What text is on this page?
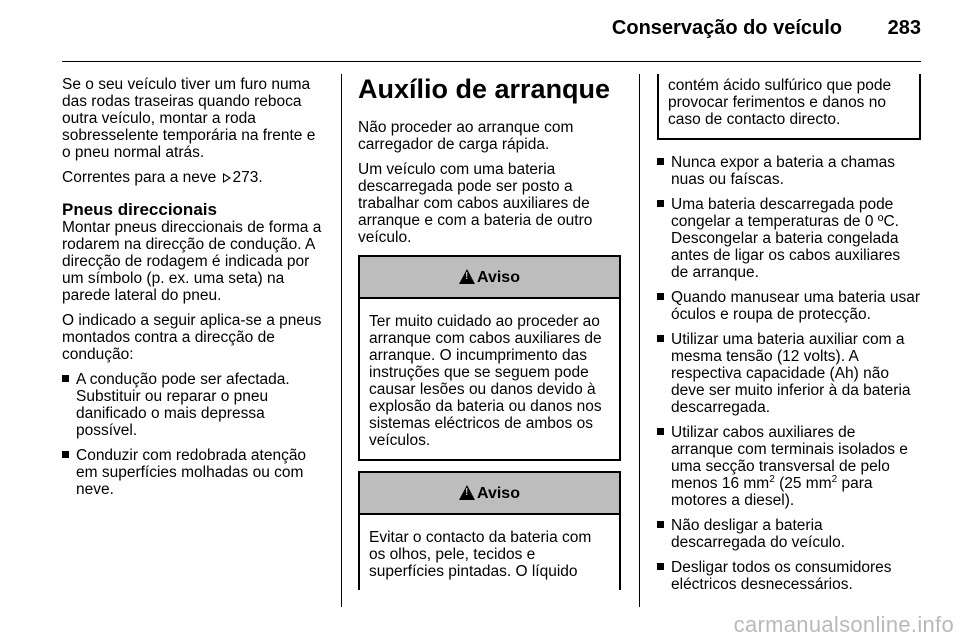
Conservação do veículo 283

Se o seu veículo tiver um furo numa das rodas traseiras quando reboca outra veículo, montar a roda sobresselente temporária na frente e o pneu normal atrás.

Correntes para a neve 273.

Pneus direccionais

Montar pneus direccionais de forma a rodarem na direcção de condução. A direcção de rodagem é indicada por um símbolo (p. ex. uma seta) na parede lateral do pneu.

O indicado a seguir aplica-se a pneus montados contra a direcção de condução:

A condução pode ser afectada. Substituir ou reparar o pneu danificado o mais depressa possível.
Conduzir com redobrada atenção em superfícies molhadas ou com neve.
Auxílio de arranque

Não proceder ao arranque com carregador de carga rápida.

Um veículo com uma bateria descarregada pode ser posto a trabalhar com cabos auxiliares de arranque e com a bateria de outro veículo.

!
Aviso
Ter muito cuidado ao proceder ao arranque com cabos auxiliares de arranque. O incumprimento das instruções que se seguem pode causar lesões ou danos devido à explosão da bateria ou danos nos sistemas eléctricos de ambos os veículos.
!
Aviso
Evitar o contacto da bateria com os olhos, pele, tecidos e superfícies pintadas. O líquido
contém ácido sulfúrico que pode provocar ferimentos e danos no caso de contacto directo.
Nunca expor a bateria a chamas nuas ou faíscas.
Uma bateria descarregada pode congelar a temperaturas de 0 ºC. Descongelar a bateria congelada antes de ligar os cabos auxiliares de arranque.
Quando manusear uma bateria usar óculos e roupa de protecção.
Utilizar uma bateria auxiliar com a mesma tensão (12 volts). A respectiva capacidade (Ah) não deve ser muito inferior à da bateria descarregada.
Utilizar cabos auxiliares de arranque com terminais isolados e uma secção transversal de pelo menos 16 $mm^2$ (25 $mm^2$ para motores a diesel).
Não desligar a bateria descarregada do veículo.
Desligar todos os consumidores eléctricos desnecessários.
carmanualsonline.info
